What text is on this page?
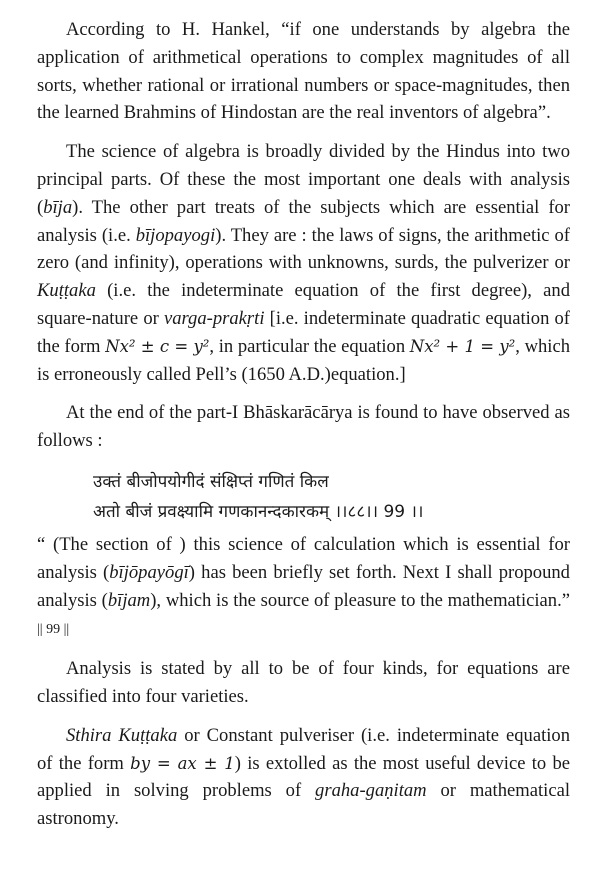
According to H. Hankel, “if one understands by algebra the application of arithmetical operations to complex magnitudes of all sorts, whether rational or irrational numbers or space-magnitudes, then the learned Brahmins of Hindostan are the real inventors of algebra”.

The science of algebra is broadly divided by the Hindus into two principal parts. Of these the most important one deals with analysis (bīja). The other part treats of the subjects which are essential for analysis (i.e. bījopayogi). They are : the laws of signs, the arithmetic of zero (and infinity), operations with unknowns, surds, the pulverizer or Kuṭṭaka (i.e. the indeterminate equation of the first degree), and square-nature or varga-prakṛti [i.e. indeterminate quadratic equation of the form Nx² ± c = y², in particular the equation Nx² + 1 = y², which is erroneously called Pell’s (1650 A.D.)equation.]

At the end of the part-I Bhāskarācārya is found to have observed as follows :

उक्तं बीजोपयोगीदं संक्षिप्तं गणितं किल
अतो बीजं प्रवक्ष्यामि गणकानन्दकारकम् ।।८८।। 99 ।।

“ (The section of ) this science of calculation which is essential for analysis (bījōpayōgī) has been briefly set forth. Next I shall propound analysis (bījam), which is the source of pleasure to the mathematician.” || 99 ||

Analysis is stated by all to be of four kinds, for equations are classified into four varieties.

Sthira Kuṭṭaka or Constant pulveriser (i.e. indeterminate equation of the form by = ax ± 1) is extolled as the most useful device to be applied in solving problems of graha-gaṇitam or mathematical astronomy.
